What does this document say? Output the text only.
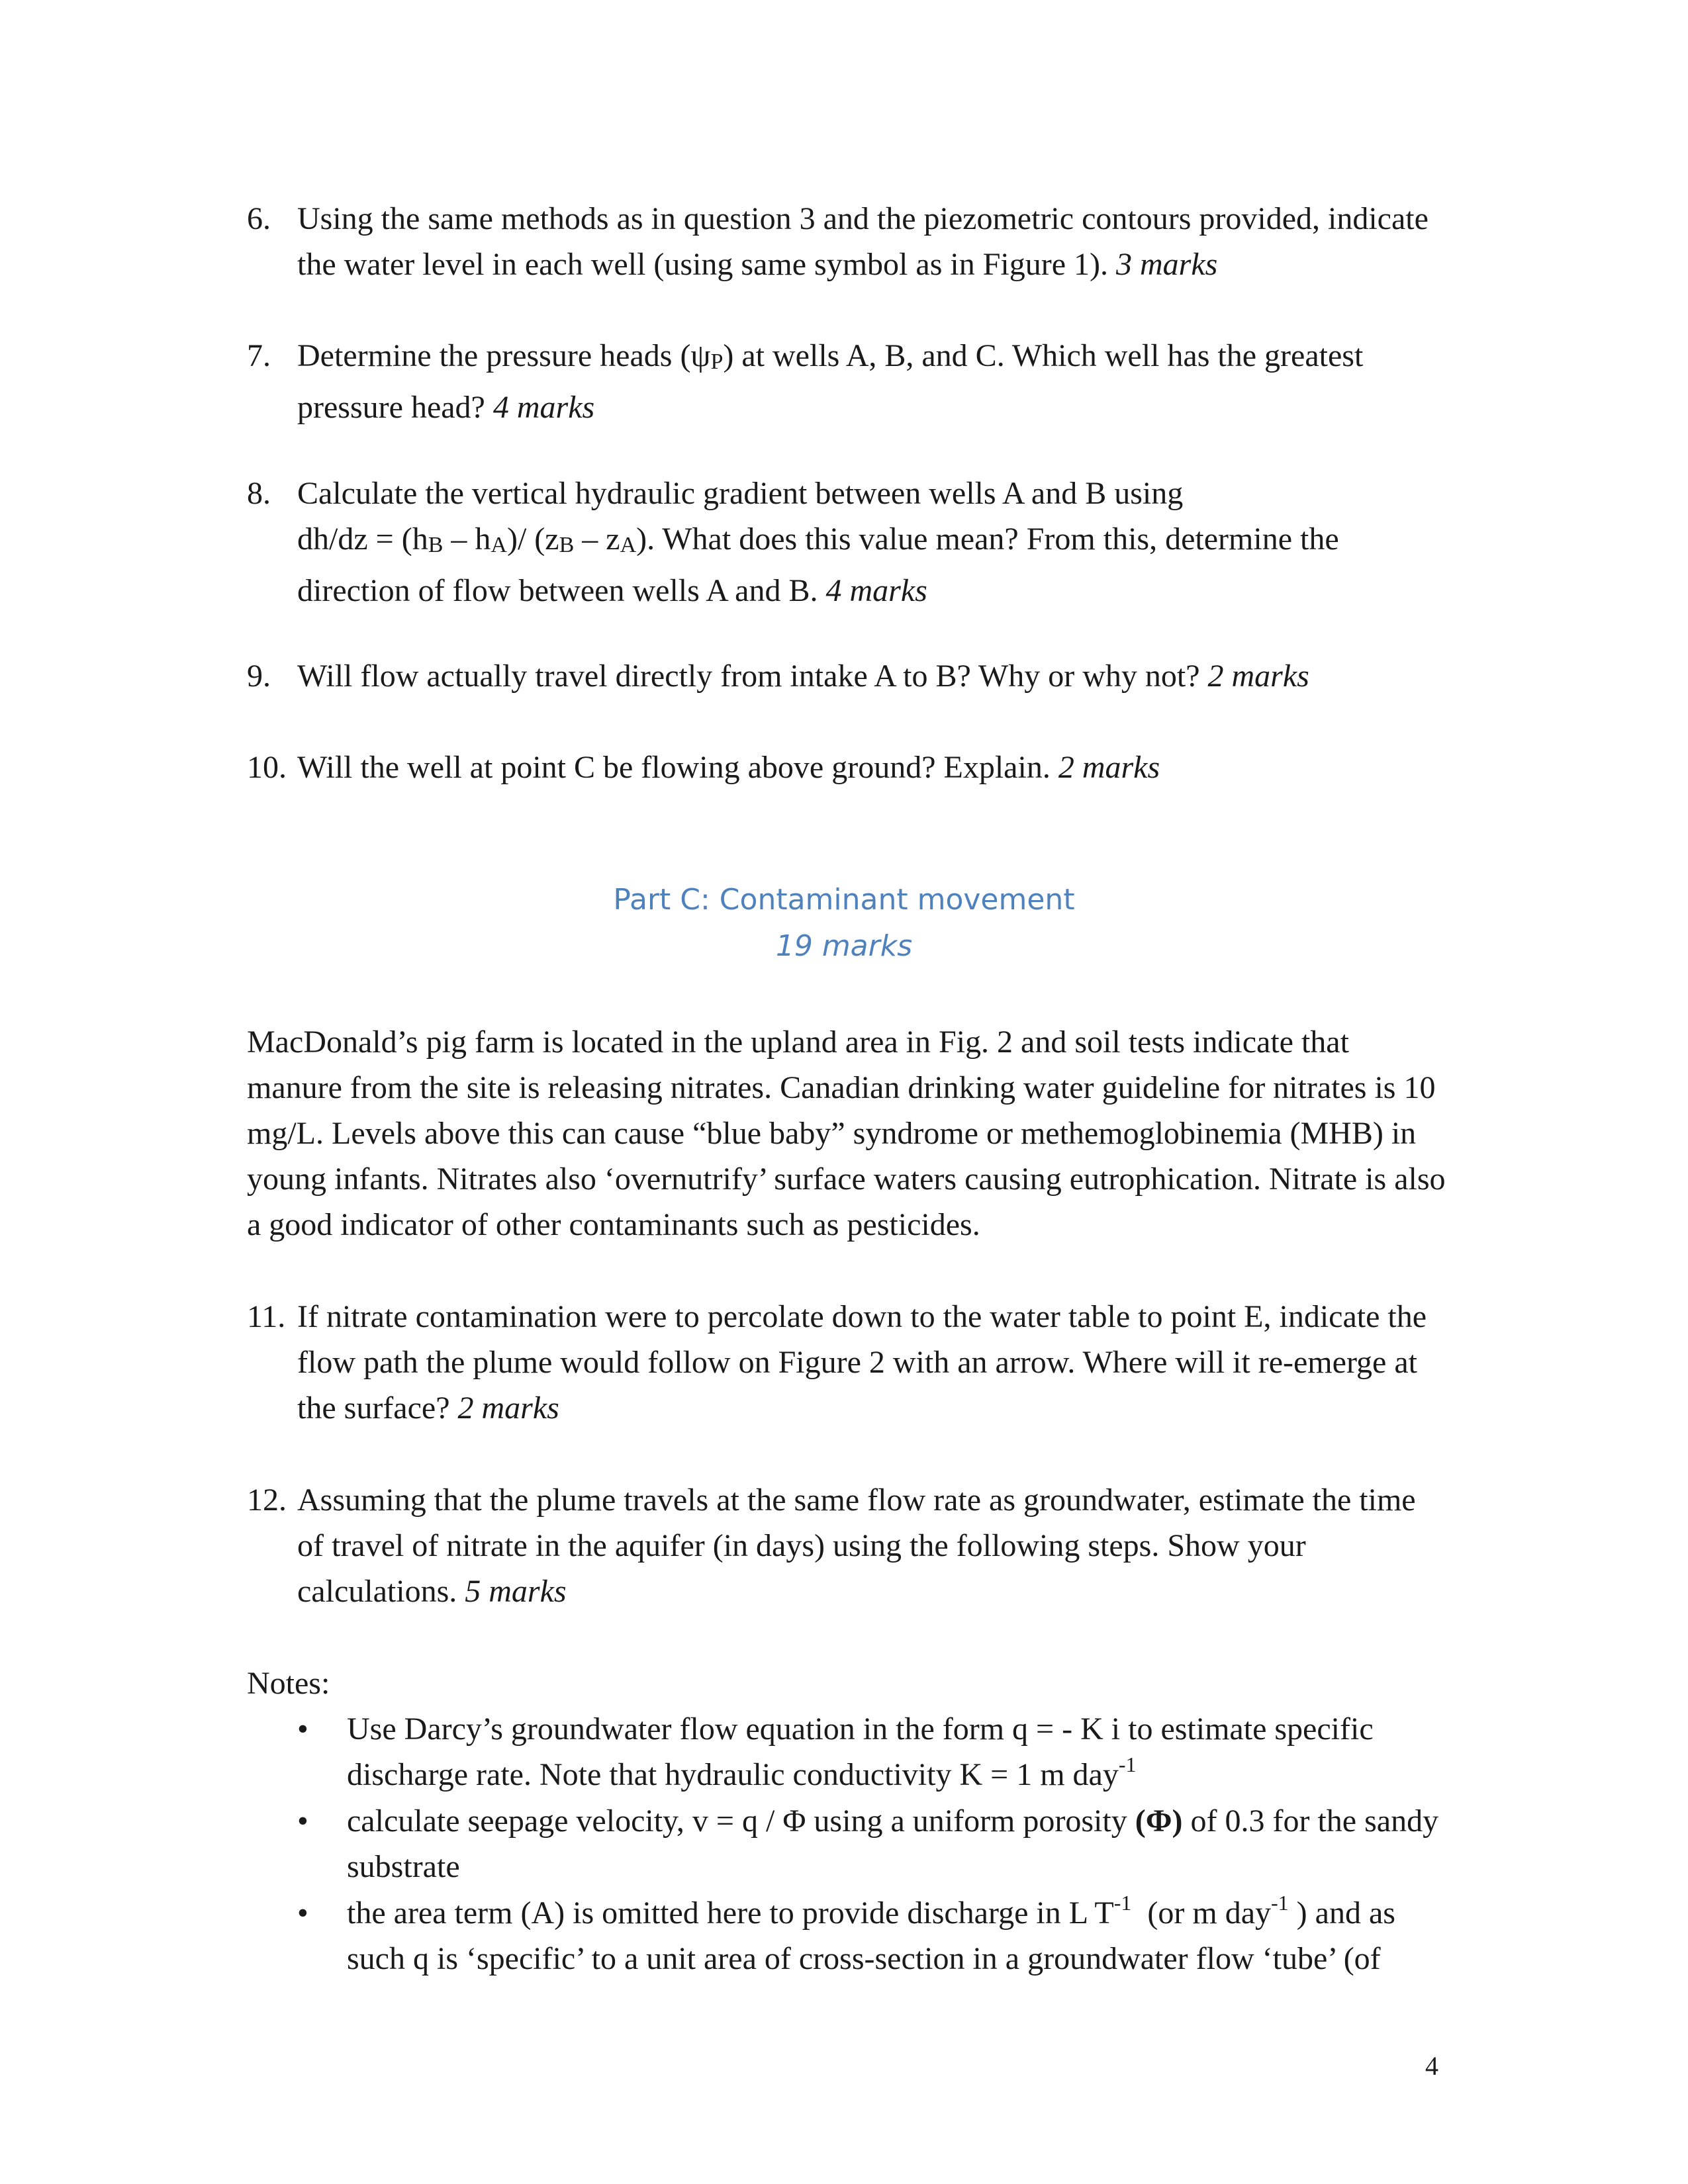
6. Using the same methods as in question 3 and the piezometric contours provided, indicate the water level in each well (using same symbol as in Figure 1). 3 marks
7. Determine the pressure heads (ψP) at wells A, B, and C. Which well has the greatest pressure head? 4 marks
8. Calculate the vertical hydraulic gradient between wells A and B using
dh/dz = (hB – hA)/ (zB – zA). What does this value mean? From this, determine the direction of flow between wells A and B. 4 marks
9. Will flow actually travel directly from intake A to B? Why or why not? 2 marks
10. Will the well at point C be flowing above ground? Explain. 2 marks
Part C: Contaminant movement
19 marks
MacDonald’s pig farm is located in the upland area in Fig. 2 and soil tests indicate that manure from the site is releasing nitrates. Canadian drinking water guideline for nitrates is 10 mg/L. Levels above this can cause “blue baby” syndrome or methemoglobinemia (MHB) in young infants. Nitrates also ‘overnutrify’ surface waters causing eutrophication. Nitrate is also a good indicator of other contaminants such as pesticides.
11. If nitrate contamination were to percolate down to the water table to point E, indicate the flow path the plume would follow on Figure 2 with an arrow. Where will it re-emerge at the surface? 2 marks
12. Assuming that the plume travels at the same flow rate as groundwater, estimate the time of travel of nitrate in the aquifer (in days) using the following steps. Show your calculations. 5 marks
Notes:
• Use Darcy’s groundwater flow equation in the form q = - K i to estimate specific discharge rate. Note that hydraulic conductivity K = 1 m day$^{-1}$
• calculate seepage velocity, v = q / Φ using a uniform porosity (Φ) of 0.3 for the sandy substrate
• the area term (A) is omitted here to provide discharge in L $T^{-1}$  (or m day$^{-1}$ ) and as such q is ‘specific’ to a unit area of cross-section in a groundwater flow ‘tube’ (of
4
